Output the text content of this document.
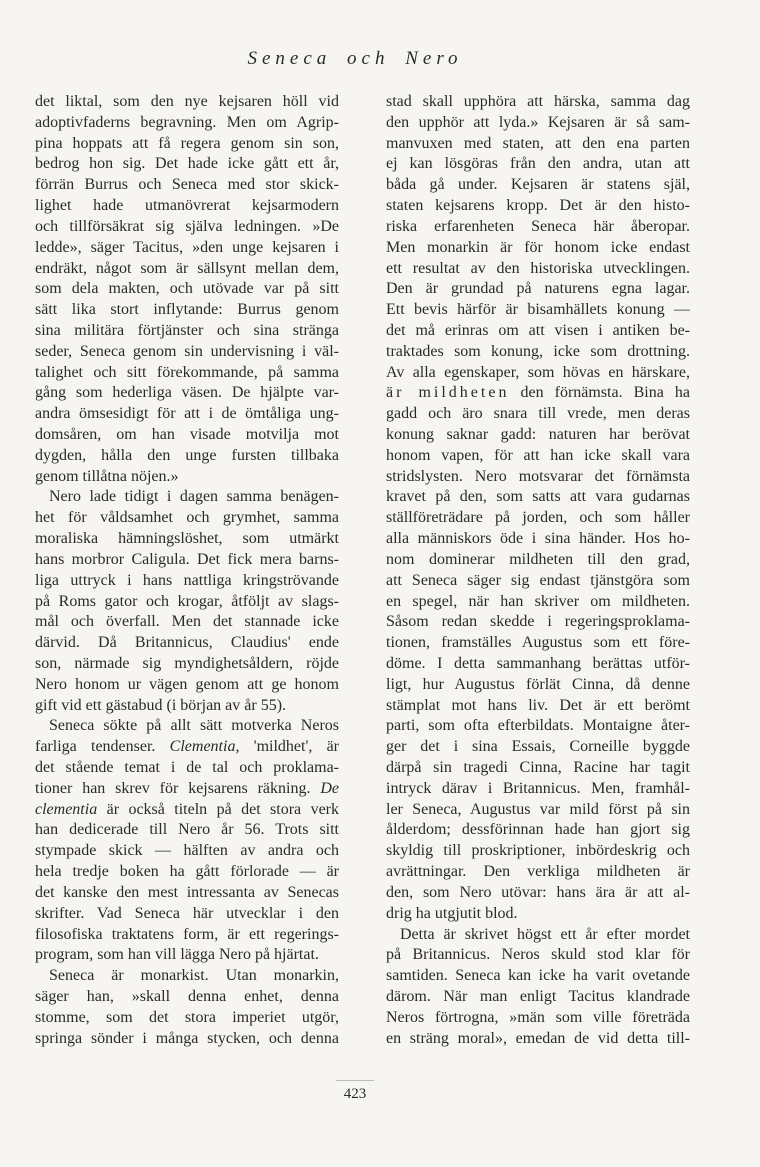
Seneca och Nero
det liktal, som den nye kejsaren höll vid
adoptivfaderns begravning. Men om Agrip-
pina hoppats att få regera genom sin son,
bedrog hon sig. Det hade icke gått ett år,
förrän Burrus och Seneca med stor skick-
lighet hade utmanövrerat kejsarmodern
och tillförsäkrat sig själva ledningen. »De
ledde», säger Tacitus, »den unge kejsaren i
endräkt, något som är sällsynt mellan dem,
som dela makten, och utövade var på sitt
sätt lika stort inflytande: Burrus genom
sina militära förtjänster och sina stränga
seder, Seneca genom sin undervisning i väl-
talighet och sitt förekommande, på samma
gång som hederliga väsen. De hjälpte var-
andra ömsesidigt för att i de ömtåliga ung-
domsåren, om han visade motvilja mot
dygden, hålla den unge fursten tillbaka
genom tillåtna nöjen.»
Nero lade tidigt i dagen samma benägen-
het för våldsamhet och grymhet, samma
moraliska hämningslöshet, som utmärkt
hans morbror Caligula. Det fick mera barns-
liga uttryck i hans nattliga kringströvande
på Roms gator och krogar, åtföljt av slags-
mål och överfall. Men det stannade icke
därvid. Då Britannicus, Claudius' ende
son, närmade sig myndighetsåldern, röjde
Nero honom ur vägen genom att ge honom
gift vid ett gästabud (i början av år 55).
Seneca sökte på allt sätt motverka Neros
farliga tendenser. Clementia, 'mildhet', är
det stående temat i de tal och proklama-
tioner han skrev för kejsarens räkning. De
clementia är också titeln på det stora verk
han dedicerade till Nero år 56. Trots sitt
stympade skick — hälften av andra och
hela tredje boken ha gått förlorade — är
det kanske den mest intressanta av Senecas
skrifter. Vad Seneca här utvecklar i den
filosofiska traktatens form, är ett regerings-
program, som han vill lägga Nero på hjärtat.
Seneca är monarkist. Utan monarkin,
säger han, »skall denna enhet, denna
stomme, som det stora imperiet utgör,
springa sönder i många stycken, och denna
stad skall upphöra att härska, samma dag
den upphör att lyda.» Kejsaren är så sam-
manvuxen med staten, att den ena parten
ej kan lösgöras från den andra, utan att
båda gå under. Kejsaren är statens själ,
staten kejsarens kropp. Det är den histo-
riska erfarenheten Seneca här åberopar.
Men monarkin är för honom icke endast
ett resultat av den historiska utvecklingen.
Den är grundad på naturens egna lagar.
Ett bevis härför är bisamhällets konung —
det må erinras om att visen i antiken be-
traktades som konung, icke som drottning.
Av alla egenskaper, som hövas en härskare,
är mildheten den förnämsta. Bina ha
gadd och äro snara till vrede, men deras
konung saknar gadd: naturen har berövat
honom vapen, för att han icke skall vara
stridslysten. Nero motsvarar det förnämsta
kravet på den, som satts att vara gudarnas
ställföreträdare på jorden, och som håller
alla människors öde i sina händer. Hos ho-
nom dominerar mildheten till den grad,
att Seneca säger sig endast tjänstgöra som
en spegel, när han skriver om mildheten.
Såsom redan skedde i regeringsproklama-
tionen, framställes Augustus som ett före-
döme. I detta sammanhang berättas utför-
ligt, hur Augustus förlät Cinna, då denne
stämplat mot hans liv. Det är ett berömt
parti, som ofta efterbildats. Montaigne åter-
ger det i sina Essais, Corneille byggde
därpå sin tragedi Cinna, Racine har tagit
intryck därav i Britannicus. Men, framhål-
ler Seneca, Augustus var mild först på sin
ålderdom; dessförinnan hade han gjort sig
skyldig till proskriptioner, inbördeskrig och
avrättningar. Den verkliga mildheten är
den, som Nero utövar: hans ära är att al-
drig ha utgjutit blod.
Detta är skrivet högst ett år efter mordet
på Britannicus. Neros skuld stod klar för
samtiden. Seneca kan icke ha varit ovetande
därom. När man enligt Tacitus klandrade
Neros förtrogna, »män som ville företräda
en sträng moral», emedan de vid detta till-
423
